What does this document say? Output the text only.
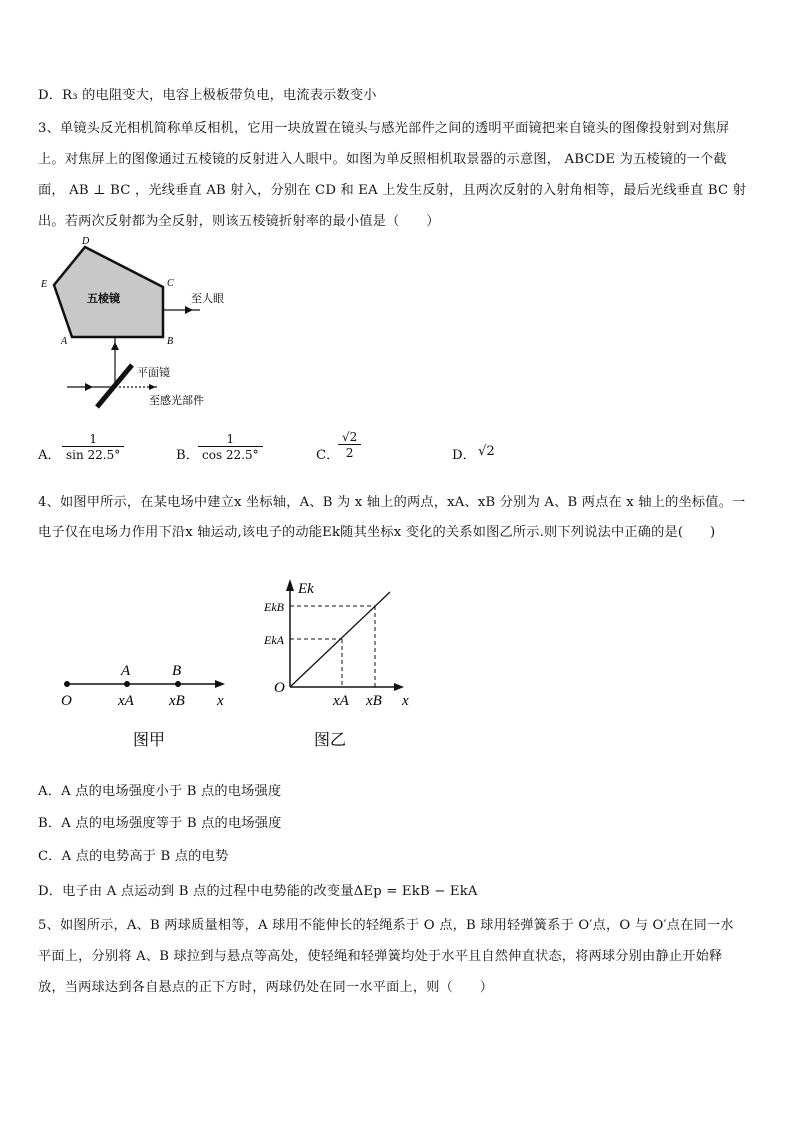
D．R₃ 的电阻变大，电容上极板带负电，电流表示数变小
3、单镜头反光相机简称单反相机，它用一块放置在镜头与感光部件之间的透明平面镜把来自镜头的图像投射到对焦屏
上。对焦屏上的图像通过五棱镜的反射进入人眼中。如图为单反照相机取景器的示意图， ABCDE 为五棱镜的一个截
面， AB ⊥ BC ，光线垂直 AB 射入，分别在 CD 和 EA 上发生反射，且两次反射的入射角相等，最后光线垂直 BC 射
出。若两次反射都为全反射，则该五棱镜折射率的最小值是（　　）
D
C
E
A	B
五棱镜	至人眼
平面镜
至感光部件
A． $\frac{1}{\sin 22.5^\circ}$	B． $\frac{1}{\cos 22.5^\circ}$	C．
$\frac{√2}{2}$	D． √2
4、如图甲所示，在某电场中建立x 坐标轴，A、B 为 x 轴上的两点，xA、xB 分别为 A、B 两点在 x 轴上的坐标值。一
电子仅在电场力作用下沿x 轴运动,该电子的动能Ek随其坐标x 变化的关系如图乙所示.则下列说法中正确的是(　　)
A	B
O	xA xB x
图甲
Ek
EkB
EkA
O
xA xB x
图乙
A．A 点的电场强度小于 B 点的电场强度
B．A 点的电场强度等于 B 点的电场强度
C．A 点的电势高于 B 点的电势
D．电子由 A 点运动到 B 点的过程中电势能的改变量ΔEp = EkB − EkA
5、如图所示，A、B 两球质量相等，A 球用不能伸长的轻绳系于 O 点，B 球用轻弹簧系于 O′点，O 与 O′点在同一水
平面上，分别将 A、B 球拉到与悬点等高处，使轻绳和轻弹簧均处于水平且自然伸直状态，将两球分别由静止开始释
放，当两球达到各自悬点的正下方时，两球仍处在同一水平面上，则（　　）
